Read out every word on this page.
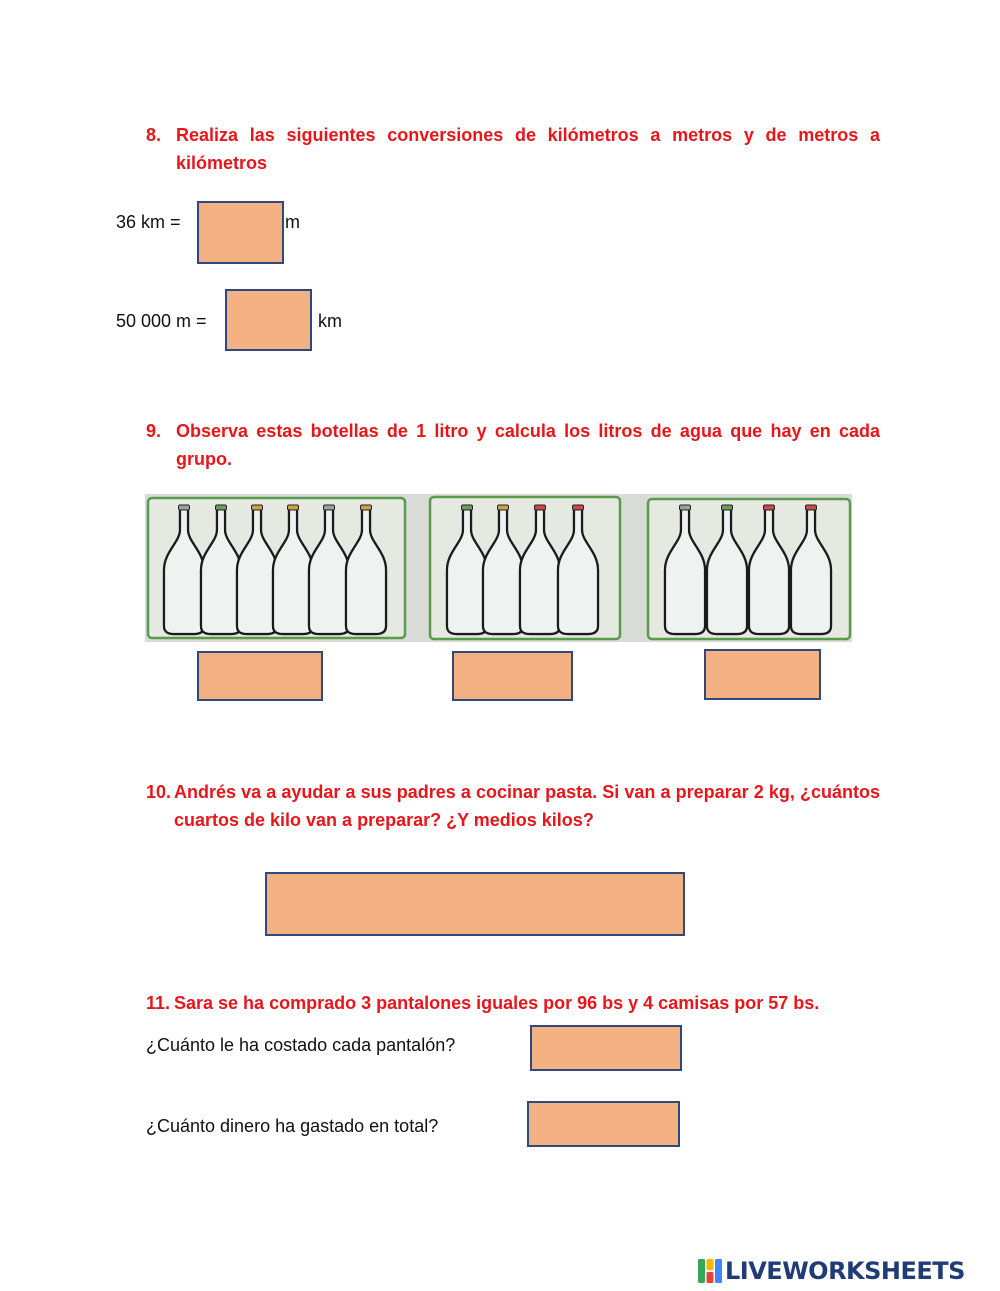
8. Realiza las siguientes conversiones de kilómetros a metros y de metros a
kilómetros
36 km =	m
50 000 m =	km
9. Observa estas botellas de 1 litro y calcula los litros de agua que hay en cada
grupo.
10. Andrés va a ayudar a sus padres a cocinar pasta. Si van a preparar 2 kg, ¿cuántos
cuartos de kilo van a preparar? ¿Y medios kilos?
11. Sara se ha comprado 3 pantalones iguales por 96 bs y 4 camisas por 57 bs.
¿Cuánto le ha costado cada pantalón?
¿Cuánto dinero ha gastado en total?
LIVEWORKSHEETS
